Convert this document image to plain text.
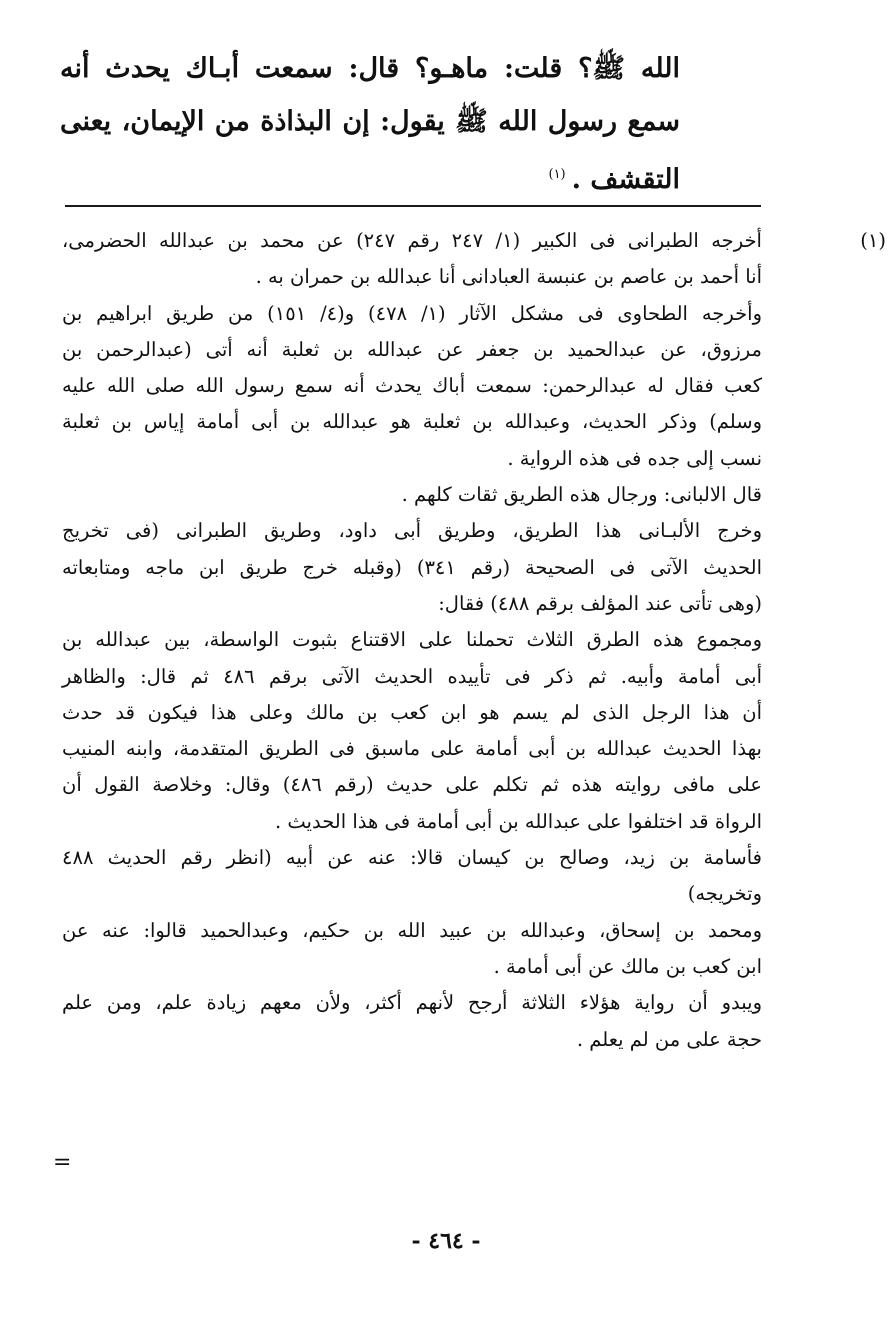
الله ﷺ؟ قلت: ماهـو؟ قال: سمعت أبـاك يحدث أنه
سمع رسول الله ﷺ يقول: إن البذاذة من الإيمان، يعنى
التقشف .$^{(١)}$
(١)
أخرجه الطبرانى فى الكبير (١/ ٢٤٧ رقم ٢٤٧) عن محمد بن عبدالله الحضرمى،
أنا أحمد بن عاصم بن عنبسة العبادانى أنا عبدالله بن حمران به .
وأخرجه الطحاوى فى مشكل الآثار (١/ ٤٧٨) و(٤/ ١٥١) من طريق ابراهيم بن
مرزوق، عن عبدالحميد بن جعفر عن عبدالله بن ثعلبة أنه أتى (عبدالرحمن بن
كعب فقال له عبدالرحمن: سمعت أباك يحدث أنه سمع رسول الله صلى الله عليه
وسلم) وذكر الحديث، وعبدالله بن ثعلبة هو عبدالله بن أبى أمامة إياس بن ثعلبة
نسب إلى جده فى هذه الرواية .
قال الالبانى: ورجال هذه الطريق ثقات كلهم .
وخرج الألبـانى هذا الطريق، وطريق أبى داود، وطريق الطبرانى (فى تخريج
الحديث الآتى فى الصحيحة (رقم ٣٤١) (وقبله خرج طريق ابن ماجه ومتابعاته
(وهى تأتى عند المؤلف برقم ٤٨٨) فقال:
ومجموع هذه الطرق الثلاث تحملنا على الاقتناع بثبوت الواسطة، بين عبدالله بن
أبى أمامة وأبيه. ثم ذكر فى تأييده الحديث الآتى برقم ٤٨٦ ثم قال: والظاهر
أن هذا الرجل الذى لم يسم هو ابن كعب بن مالك وعلى هذا فيكون قد حدث
بهذا الحديث عبدالله بن أبى أمامة على ماسبق فى الطريق المتقدمة، وابنه المنيب
على مافى روايته هذه ثم تكلم على حديث (رقم ٤٨٦) وقال: وخلاصة القول أن
الرواة قد اختلفوا على عبدالله بن أبى أمامة فى هذا الحديث .
فأسامة بن زيد، وصالح بن كيسان قالا: عنه عن أبيه (انظر رقم الحديث ٤٨٨
وتخريجه)
ومحمد بن إسحاق، وعبدالله بن عبيد الله بن حكيم، وعبدالحميد قالوا: عنه عن
ابن كعب بن مالك عن أبى أمامة .
ويبدو أن رواية هؤلاء الثلاثة أرجح لأنهم أكثر، ولأن معهم زيادة علم، ومن علم
حجة على من لم يعلم .
=
- ٤٦٤ -
